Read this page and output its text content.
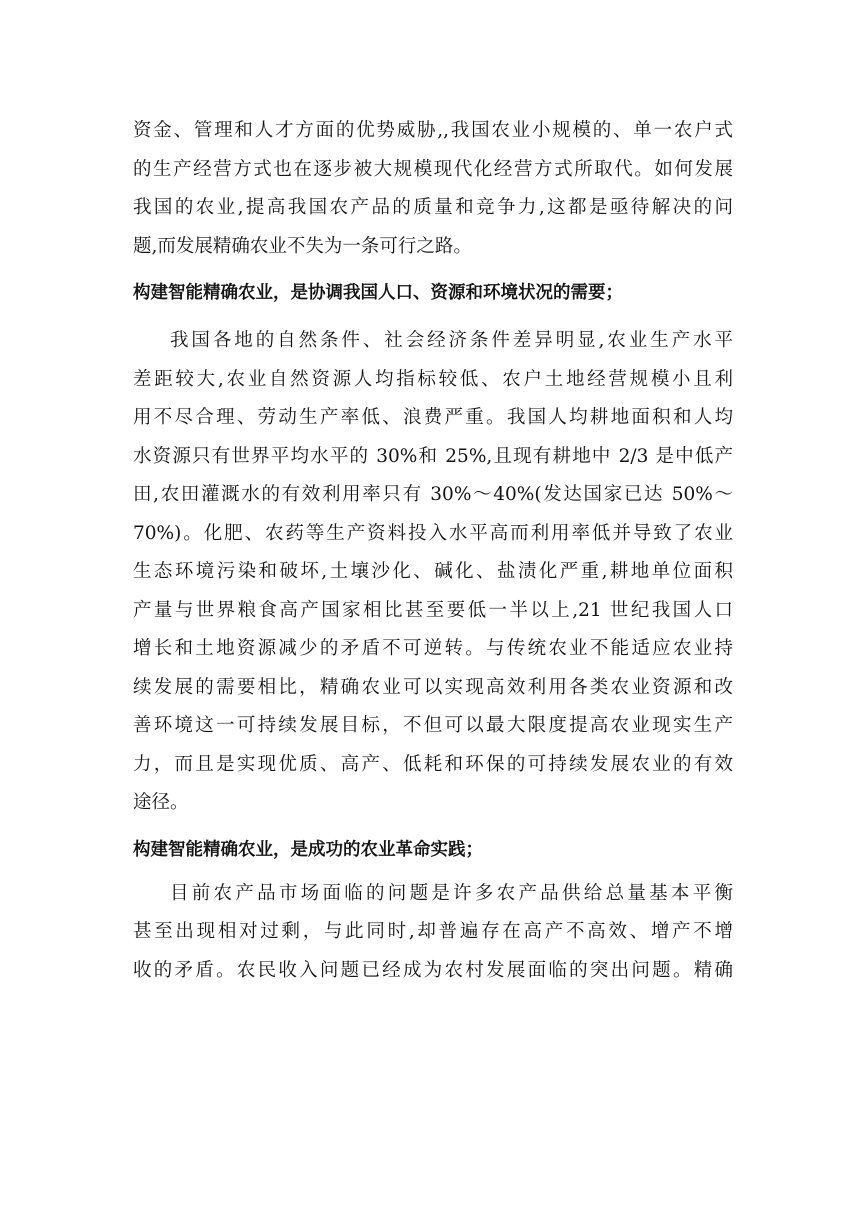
资金、管理和人才方面的优势威胁,,我国农业小规模的、单一农户式
的生产经营方式也在逐步被大规模现代化经营方式所取代。如何发展
我国的农业,提高我国农产品的质量和竞争力,这都是亟待解决的问
题,而发展精确农业不失为一条可行之路。
构建智能精确农业，是协调我国人口、资源和环境状况的需要；
我国各地的自然条件、社会经济条件差异明显,农业生产水平
差距较大,农业自然资源人均指标较低、农户土地经营规模小且利
用不尽合理、劳动生产率低、浪费严重。我国人均耕地面积和人均
水资源只有世界平均水平的 30%和 25%,且现有耕地中 2/3 是中低产
田,农田灌溉水的有效利用率只有 30%～40%(发达国家已达 50%～
70%)。化肥、农药等生产资料投入水平高而利用率低并导致了农业
生态环境污染和破坏,土壤沙化、碱化、盐渍化严重,耕地单位面积
产量与世界粮食高产国家相比甚至要低一半以上,21 世纪我国人口
增长和土地资源减少的矛盾不可逆转。与传统农业不能适应农业持
续发展的需要相比，精确农业可以实现高效利用各类农业资源和改
善环境这一可持续发展目标，不但可以最大限度提高农业现实生产
力，而且是实现优质、高产、低耗和环保的可持续发展农业的有效
途径。
构建智能精确农业，是成功的农业革命实践；
目前农产品市场面临的问题是许多农产品供给总量基本平衡
甚至出现相对过剩，与此同时,却普遍存在高产不高效、增产不增
收的矛盾。农民收入问题已经成为农村发展面临的突出问题。精确
